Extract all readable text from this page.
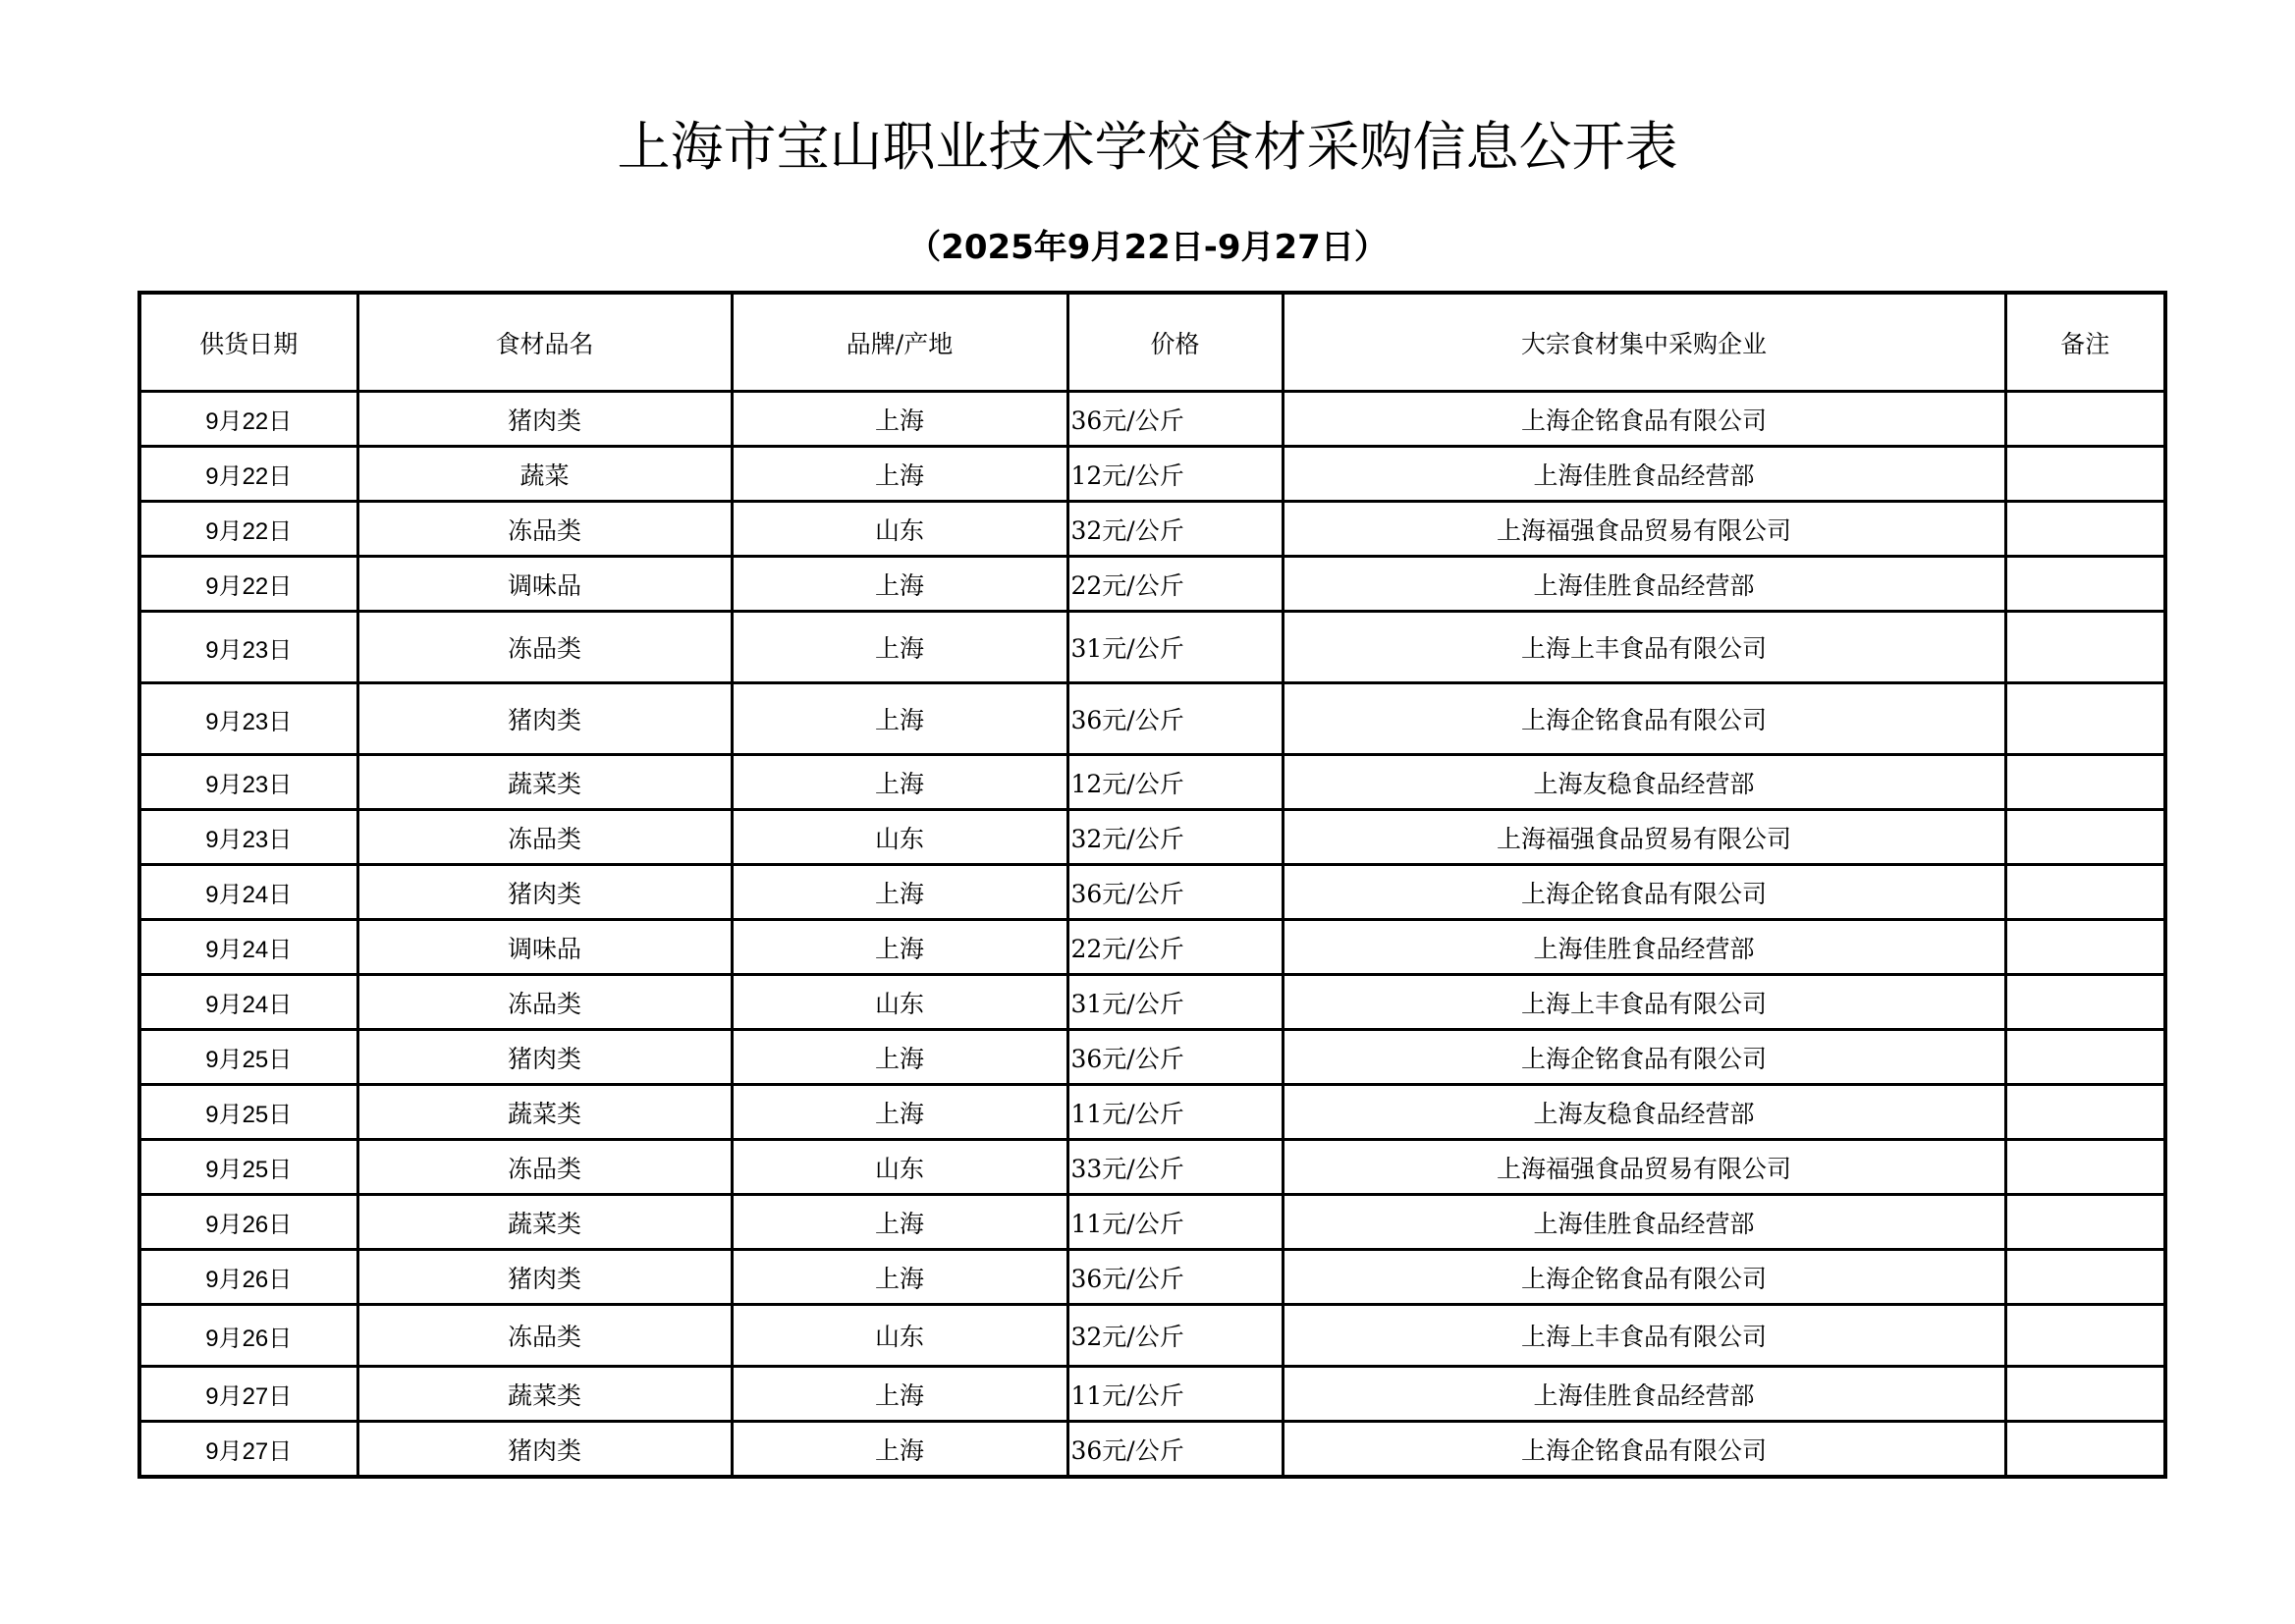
上海市宝山职业技术学校食材采购信息公开表
（2025年9月22日-9月27日）
供货日期	食材品名	品牌/产地	价格	大宗食材集中采购企业	备注
9月22日	猪肉类	上海	36元/公斤	上海企铭食品有限公司	
9月22日	蔬菜	上海	12元/公斤	上海佳胜食品经营部	
9月22日	冻品类	山东	32元/公斤	上海福强食品贸易有限公司	
9月22日	调味品	上海	22元/公斤	上海佳胜食品经营部	
9月23日	冻品类	上海	31元/公斤	上海上丰食品有限公司	
9月23日	猪肉类	上海	36元/公斤	上海企铭食品有限公司	
9月23日	蔬菜类	上海	12元/公斤	上海友稳食品经营部	
9月23日	冻品类	山东	32元/公斤	上海福强食品贸易有限公司	
9月24日	猪肉类	上海	36元/公斤	上海企铭食品有限公司	
9月24日	调味品	上海	22元/公斤	上海佳胜食品经营部	
9月24日	冻品类	山东	31元/公斤	上海上丰食品有限公司	
9月25日	猪肉类	上海	36元/公斤	上海企铭食品有限公司	
9月25日	蔬菜类	上海	11元/公斤	上海友稳食品经营部	
9月25日	冻品类	山东	33元/公斤	上海福强食品贸易有限公司	
9月26日	蔬菜类	上海	11元/公斤	上海佳胜食品经营部	
9月26日	猪肉类	上海	36元/公斤	上海企铭食品有限公司	
9月26日	冻品类	山东	32元/公斤	上海上丰食品有限公司	
9月27日	蔬菜类	上海	11元/公斤	上海佳胜食品经营部	
9月27日	猪肉类	上海	36元/公斤	上海企铭食品有限公司	
